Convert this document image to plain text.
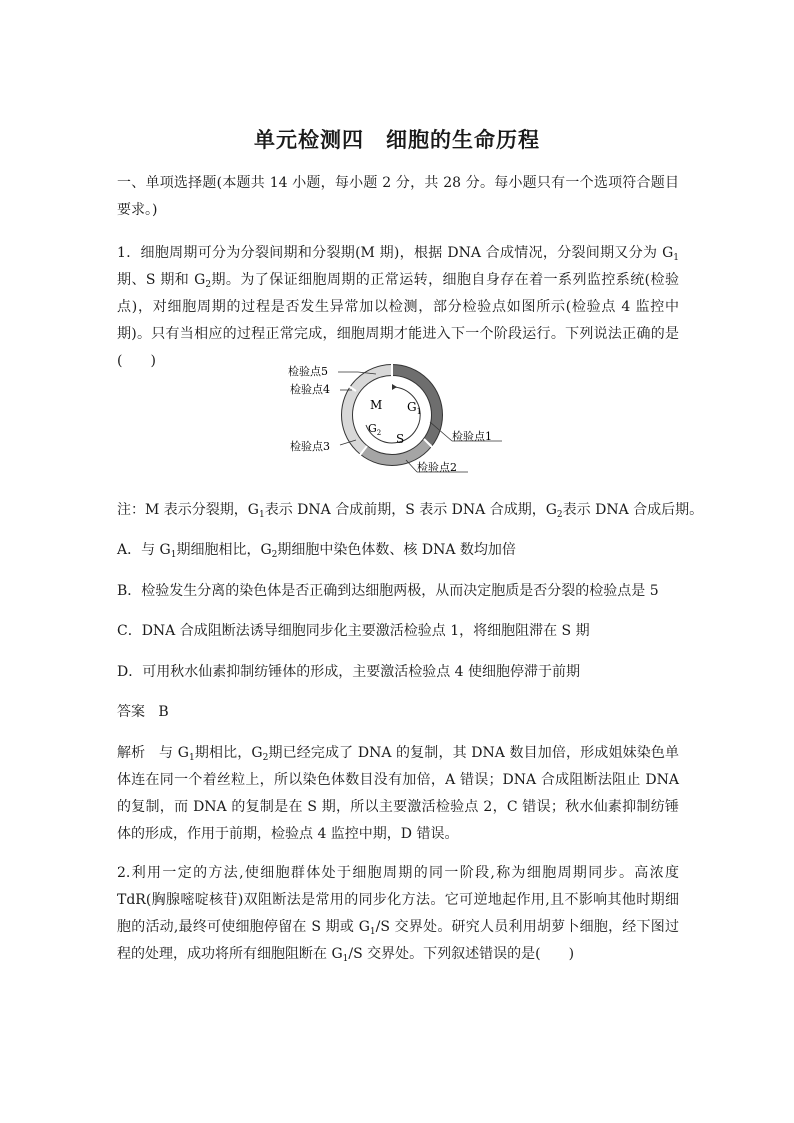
单元检测四　细胞的生命历程

一、单项选择题(本题共 14 小题，每小题 2 分，共 28 分。每小题只有一个选项符合题目要求。)

1．细胞周期可分为分裂间期和分裂期(M 期)，根据 DNA 合成情况，分裂间期又分为 $G_1$期、S 期和 $G_2$期。为了保证细胞周期的正常运转，细胞自身存在着一系列监控系统(检验点)，对细胞周期的过程是否发生异常加以检测，部分检验点如图所示(检验点 4 监控中期)。只有当相应的过程正常完成，细胞周期才能进入下一个阶段运行。下列说法正确的是(　　)

M $G_1$
$G_2$ S
检验点5
检验点4
检验点3
检验点1
检验点2
注：M 表示分裂期，$G_1$表示 DNA 合成前期，S 表示 DNA 合成期，$G_2$表示 DNA 合成后期。
A．与 $G_1$期细胞相比，$G_2$期细胞中染色体数、核 DNA 数均加倍
B．检验发生分离的染色体是否正确到达细胞两极，从而决定胞质是否分裂的检验点是 5
C．DNA 合成阻断法诱导细胞同步化主要激活检验点 1，将细胞阻滞在 S 期
D．可用秋水仙素抑制纺锤体的形成，主要激活检验点 4 使细胞停滞于前期
答案 B

解析 与 $G_1$期相比，$G_2$期已经完成了 DNA 的复制，其 DNA 数目加倍，形成姐妹染色单体连在同一个着丝粒上，所以染色体数目没有加倍，A 错误；DNA 合成阻断法阻止 DNA 的复制，而 DNA 的复制是在 S 期，所以主要激活检验点 2，C 错误；秋水仙素抑制纺锤体的形成，作用于前期，检验点 4 监控中期，D 错误。

2.利用一定的方法,使细胞群体处于细胞周期的同一阶段,称为细胞周期同步。高浓度 TdR(胸腺嘧啶核苷)双阻断法是常用的同步化方法。它可逆地起作用,且不影响其他时期细胞的活动,最终可使细胞停留在 S 期或 $G_1/S$ 交界处。研究人员利用胡萝卜细胞，经下图过程的处理，成功将所有细胞阻断在 $G_1/S$ 交界处。下列叙述错误的是(　　)
